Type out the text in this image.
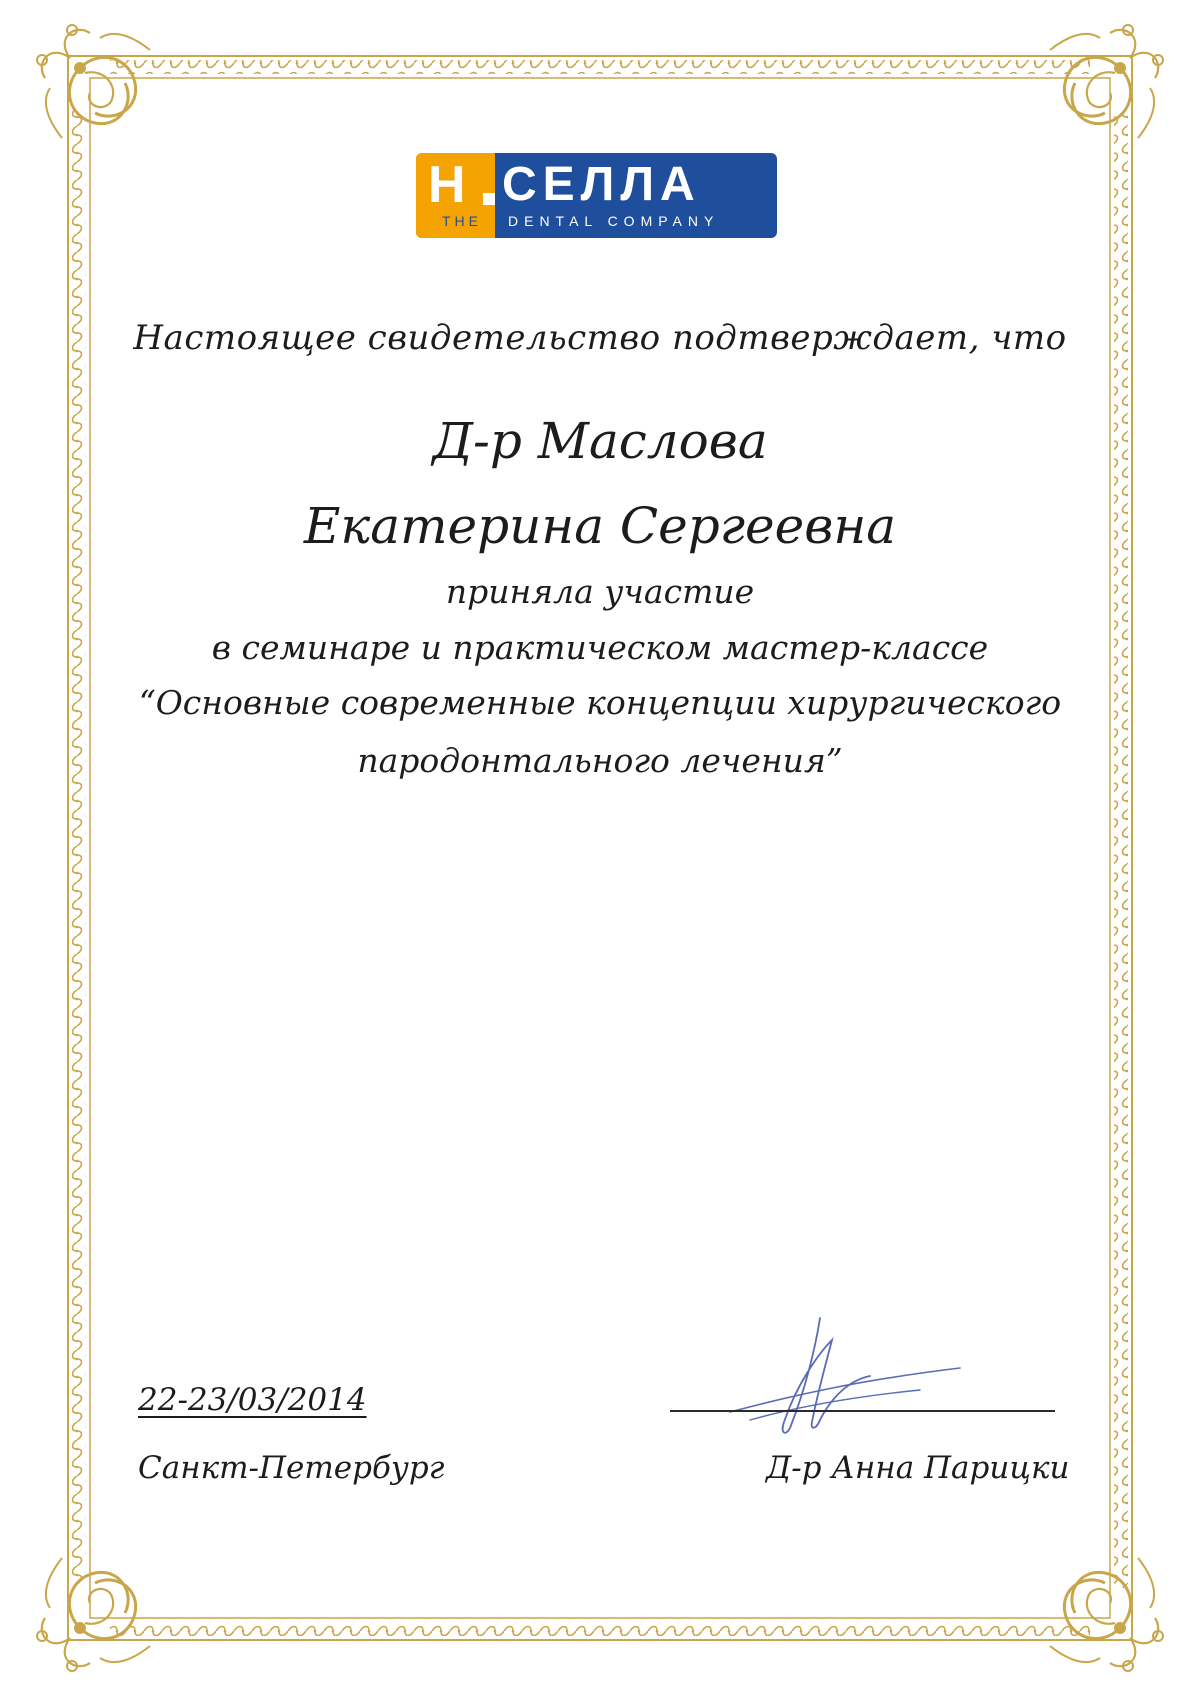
H СЕЛЛА
THE DENTAL COMPANY
Настоящее свидетельство подтверждает, что
Д-р Маслова
Екатерина Сергеевна
приняла участие
в семинаре и практическом мастер-классе
“Основные современные концепции хирургического
пародонтального лечения”
22-23/03/2014
Санкт-Петербург	Д-р Анна Парицки
